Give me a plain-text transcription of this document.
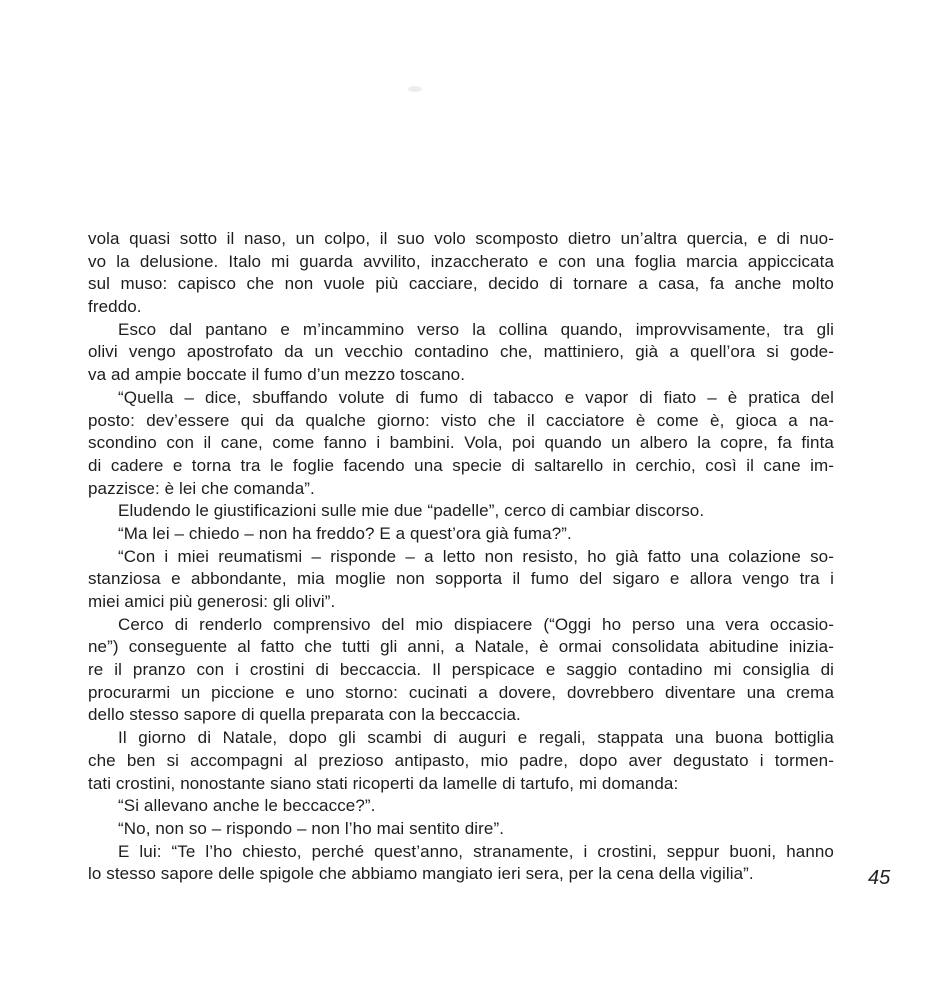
vola quasi sotto il naso, un colpo, il suo volo scomposto dietro un’altra quercia, e di nuo-
vo la delusione. Italo mi guarda avvilito, inzaccherato e con una foglia marcia appiccicata
sul muso: capisco che non vuole più cacciare, decido di tornare a casa, fa anche molto
freddo.
Esco dal pantano e m’incammino verso la collina quando, improvvisamente, tra gli
olivi vengo apostrofato da un vecchio contadino che, mattiniero, già a quell’ora si gode-
va ad ampie boccate il fumo d’un mezzo toscano.
“Quella – dice, sbuffando volute di fumo di tabacco e vapor di fiato – è pratica del
posto: dev’essere qui da qualche giorno: visto che il cacciatore è come è, gioca a na-
scondino con il cane, come fanno i bambini. Vola, poi quando un albero la copre, fa finta
di cadere e torna tra le foglie facendo una specie di saltarello in cerchio, così il cane im-
pazzisce: è lei che comanda”.
Eludendo le giustificazioni sulle mie due “padelle”, cerco di cambiar discorso.
“Ma lei – chiedo – non ha freddo? E a quest’ora già fuma?”.
“Con i miei reumatismi – risponde – a letto non resisto, ho già fatto una colazione so-
stanziosa e abbondante, mia moglie non sopporta il fumo del sigaro e allora vengo tra i
miei amici più generosi: gli olivi”.
Cerco di renderlo comprensivo del mio dispiacere (“Oggi ho perso una vera occasio-
ne”) conseguente al fatto che tutti gli anni, a Natale, è ormai consolidata abitudine inizia-
re il pranzo con i crostini di beccaccia. Il perspicace e saggio contadino mi consiglia di
procurarmi un piccione e uno storno: cucinati a dovere, dovrebbero diventare una crema
dello stesso sapore di quella preparata con la beccaccia.
Il giorno di Natale, dopo gli scambi di auguri e regali, stappata una buona bottiglia
che ben si accompagni al prezioso antipasto, mio padre, dopo aver degustato i tormen-
tati crostini, nonostante siano stati ricoperti da lamelle di tartufo, mi domanda:
“Si allevano anche le beccacce?”.
“No, non so – rispondo – non l’ho mai sentito dire”.
E lui: “Te l’ho chiesto, perché quest’anno, stranamente, i crostini, seppur buoni, hanno
lo stesso sapore delle spigole che abbiamo mangiato ieri sera, per la cena della vigilia”.	45
